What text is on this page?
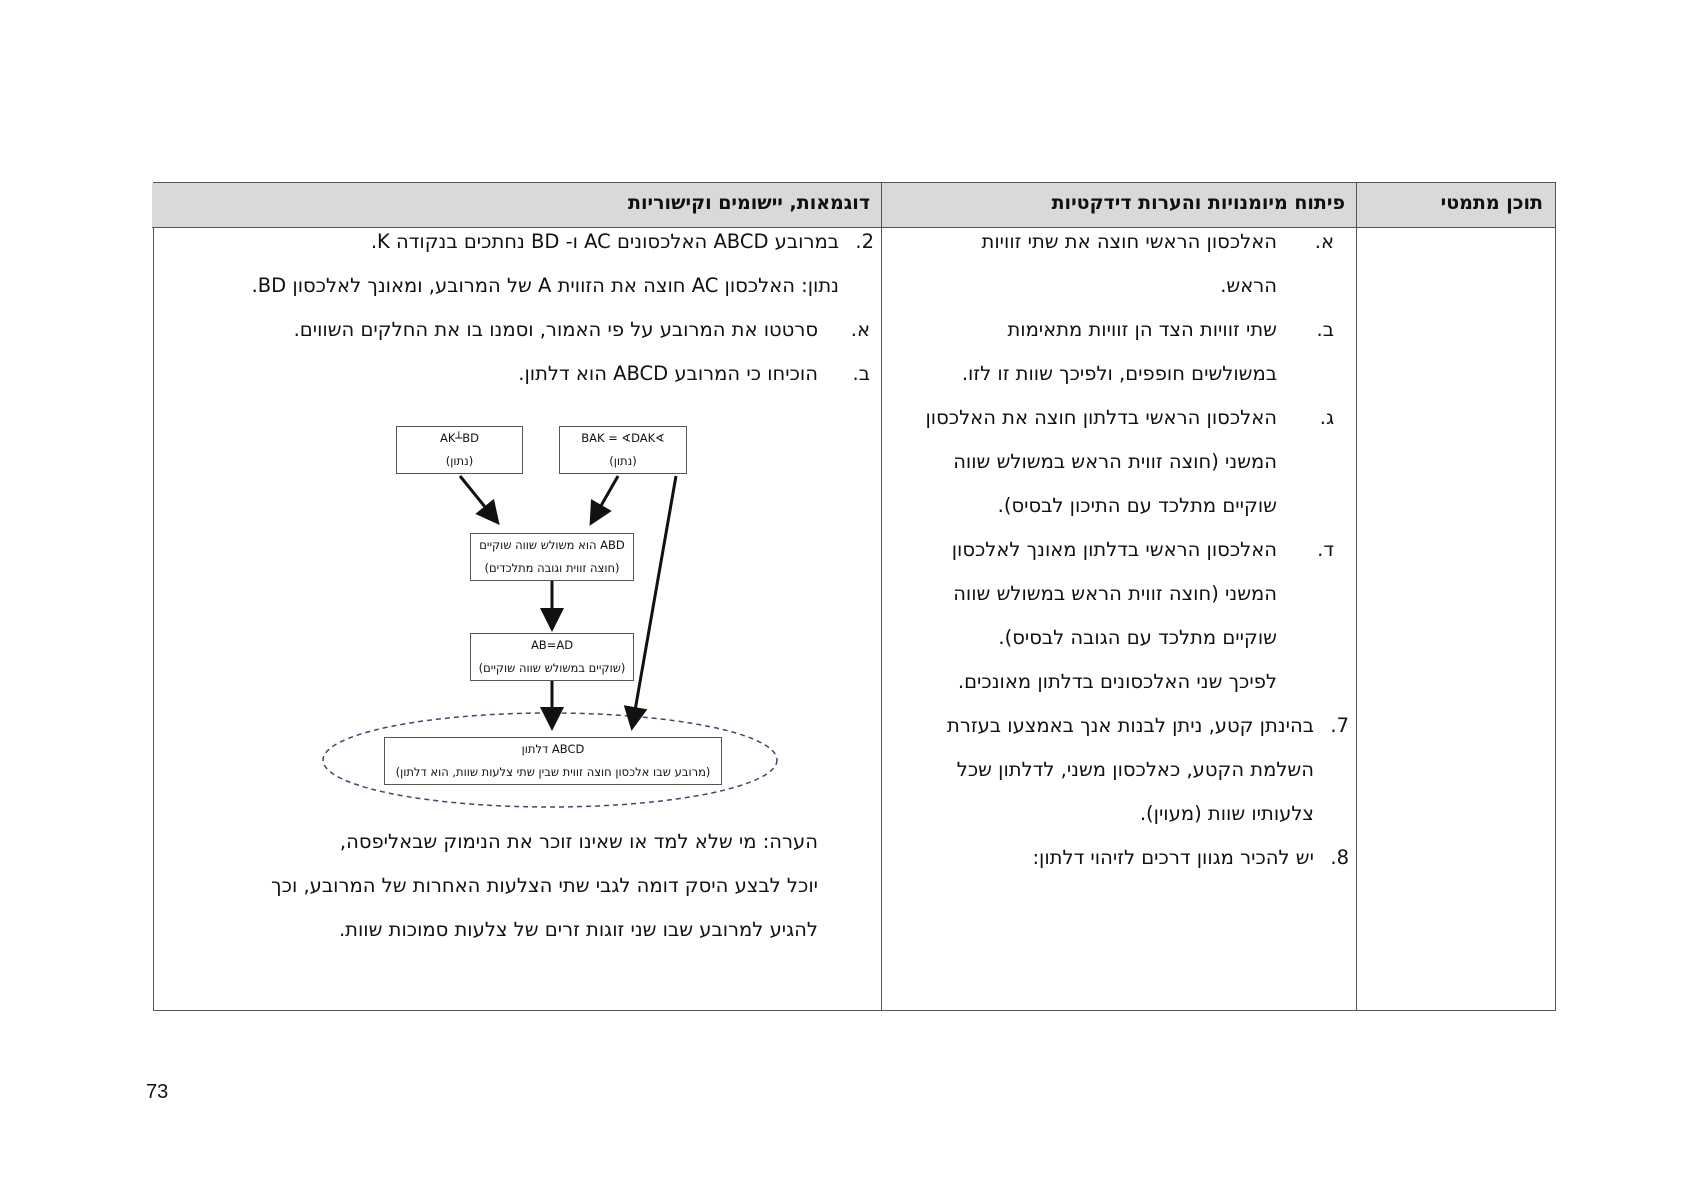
תוכן מתמטי
פיתוח מיומנויות והערות דידקטיות
דוגמאות, יישומים וקישוריות
א.
האלכסון הראשי חוצה את שתי זוויות
הראש.
ב.
שתי זוויות הצד הן זוויות מתאימות
במשולשים חופפים, ולפיכך שוות זו לזו.
ג.
האלכסון הראשי בדלתון חוצה את האלכסון
המשני (חוצה זווית הראש במשולש שווה
שוקיים מתלכד עם התיכון לבסיס).
ד.
האלכסון הראשי בדלתון מאונך לאלכסון
המשני (חוצה זווית הראש במשולש שווה
שוקיים מתלכד עם הגובה לבסיס).
לפיכך שני האלכסונים בדלתון מאונכים.
7.
בהינתן קטע, ניתן לבנות אנך באמצעו בעזרת
השלמת הקטע, כאלכסון משני, לדלתון שכל
צלעותיו שוות (מעוין).
8.
יש להכיר מגוון דרכים לזיהוי דלתון:
2.
במרובע ABCD האלכסונים AC ו- BD נחתכים בנקודה K.
נתון: האלכסון AC חוצה את הזווית A של המרובע, ומאונך לאלכסון BD.
א.
סרטטו את המרובע על פי האמור, וסמנו בו את החלקים השווים.
ב.
הוכיחו כי המרובע ABCD הוא דלתון.
הערה: מי שלא למד או שאינו זוכר את הנימוק שבאליפסה,
יוכל לבצע היסק דומה לגבי שתי הצלעות האחרות של המרובע, וכך
להגיע למרובע שבו שני זוגות זרים של צלעות סמוכות שוות.
AK┴BD
(נתון)
∢BAK = ∢DAK
(נתון)
ABD הוא משולש שווה שוקיים
(חוצה זווית וגובה מתלכדים)
AB=AD
(שוקיים במשולש שווה שוקיים)
ABCD דלתון
(מרובע שבו אלכסון חוצה זווית שבין שתי צלעות שוות, הוא דלתון)
73
